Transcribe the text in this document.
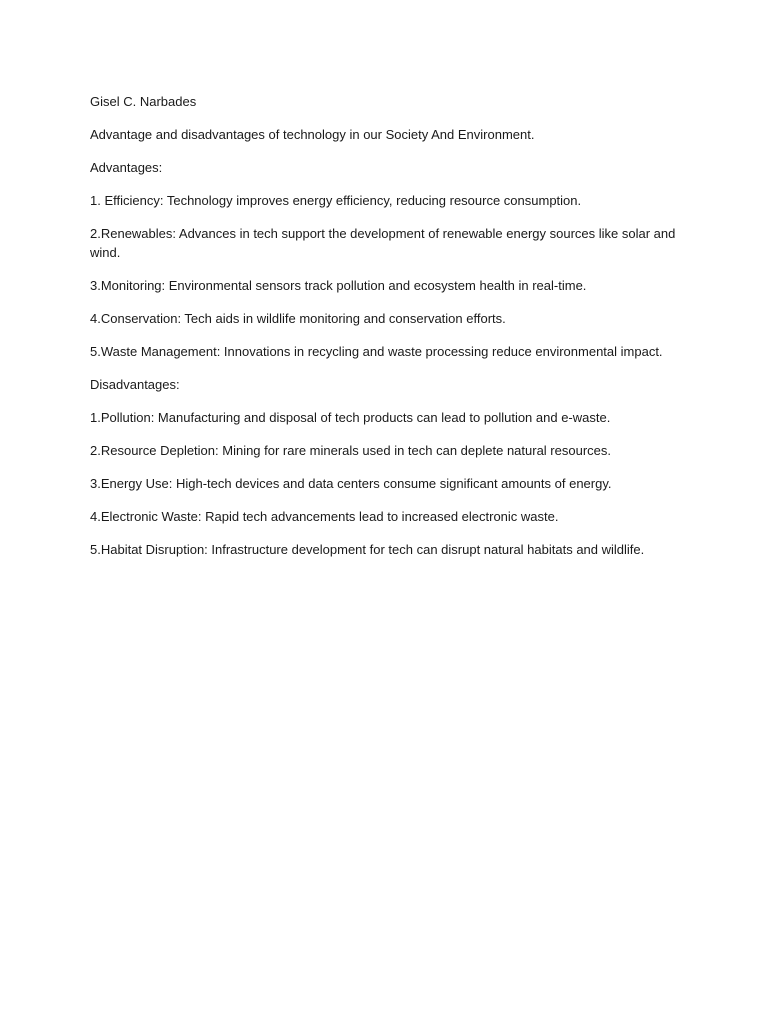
Gisel C. Narbades

Advantage and disadvantages of technology in our Society And Environment.

Advantages:

1. Efficiency: Technology improves energy efficiency, reducing resource consumption.

2.Renewables: Advances in tech support the development of renewable energy sources like solar and wind.

3.Monitoring: Environmental sensors track pollution and ecosystem health in real-time.

4.Conservation: Tech aids in wildlife monitoring and conservation efforts.

5.Waste Management: Innovations in recycling and waste processing reduce environmental impact.

Disadvantages:

1.Pollution: Manufacturing and disposal of tech products can lead to pollution and e-waste.

2.Resource Depletion: Mining for rare minerals used in tech can deplete natural resources.

3.Energy Use: High-tech devices and data centers consume significant amounts of energy.

4.Electronic Waste: Rapid tech advancements lead to increased electronic waste.

5.Habitat Disruption: Infrastructure development for tech can disrupt natural habitats and wildlife.
